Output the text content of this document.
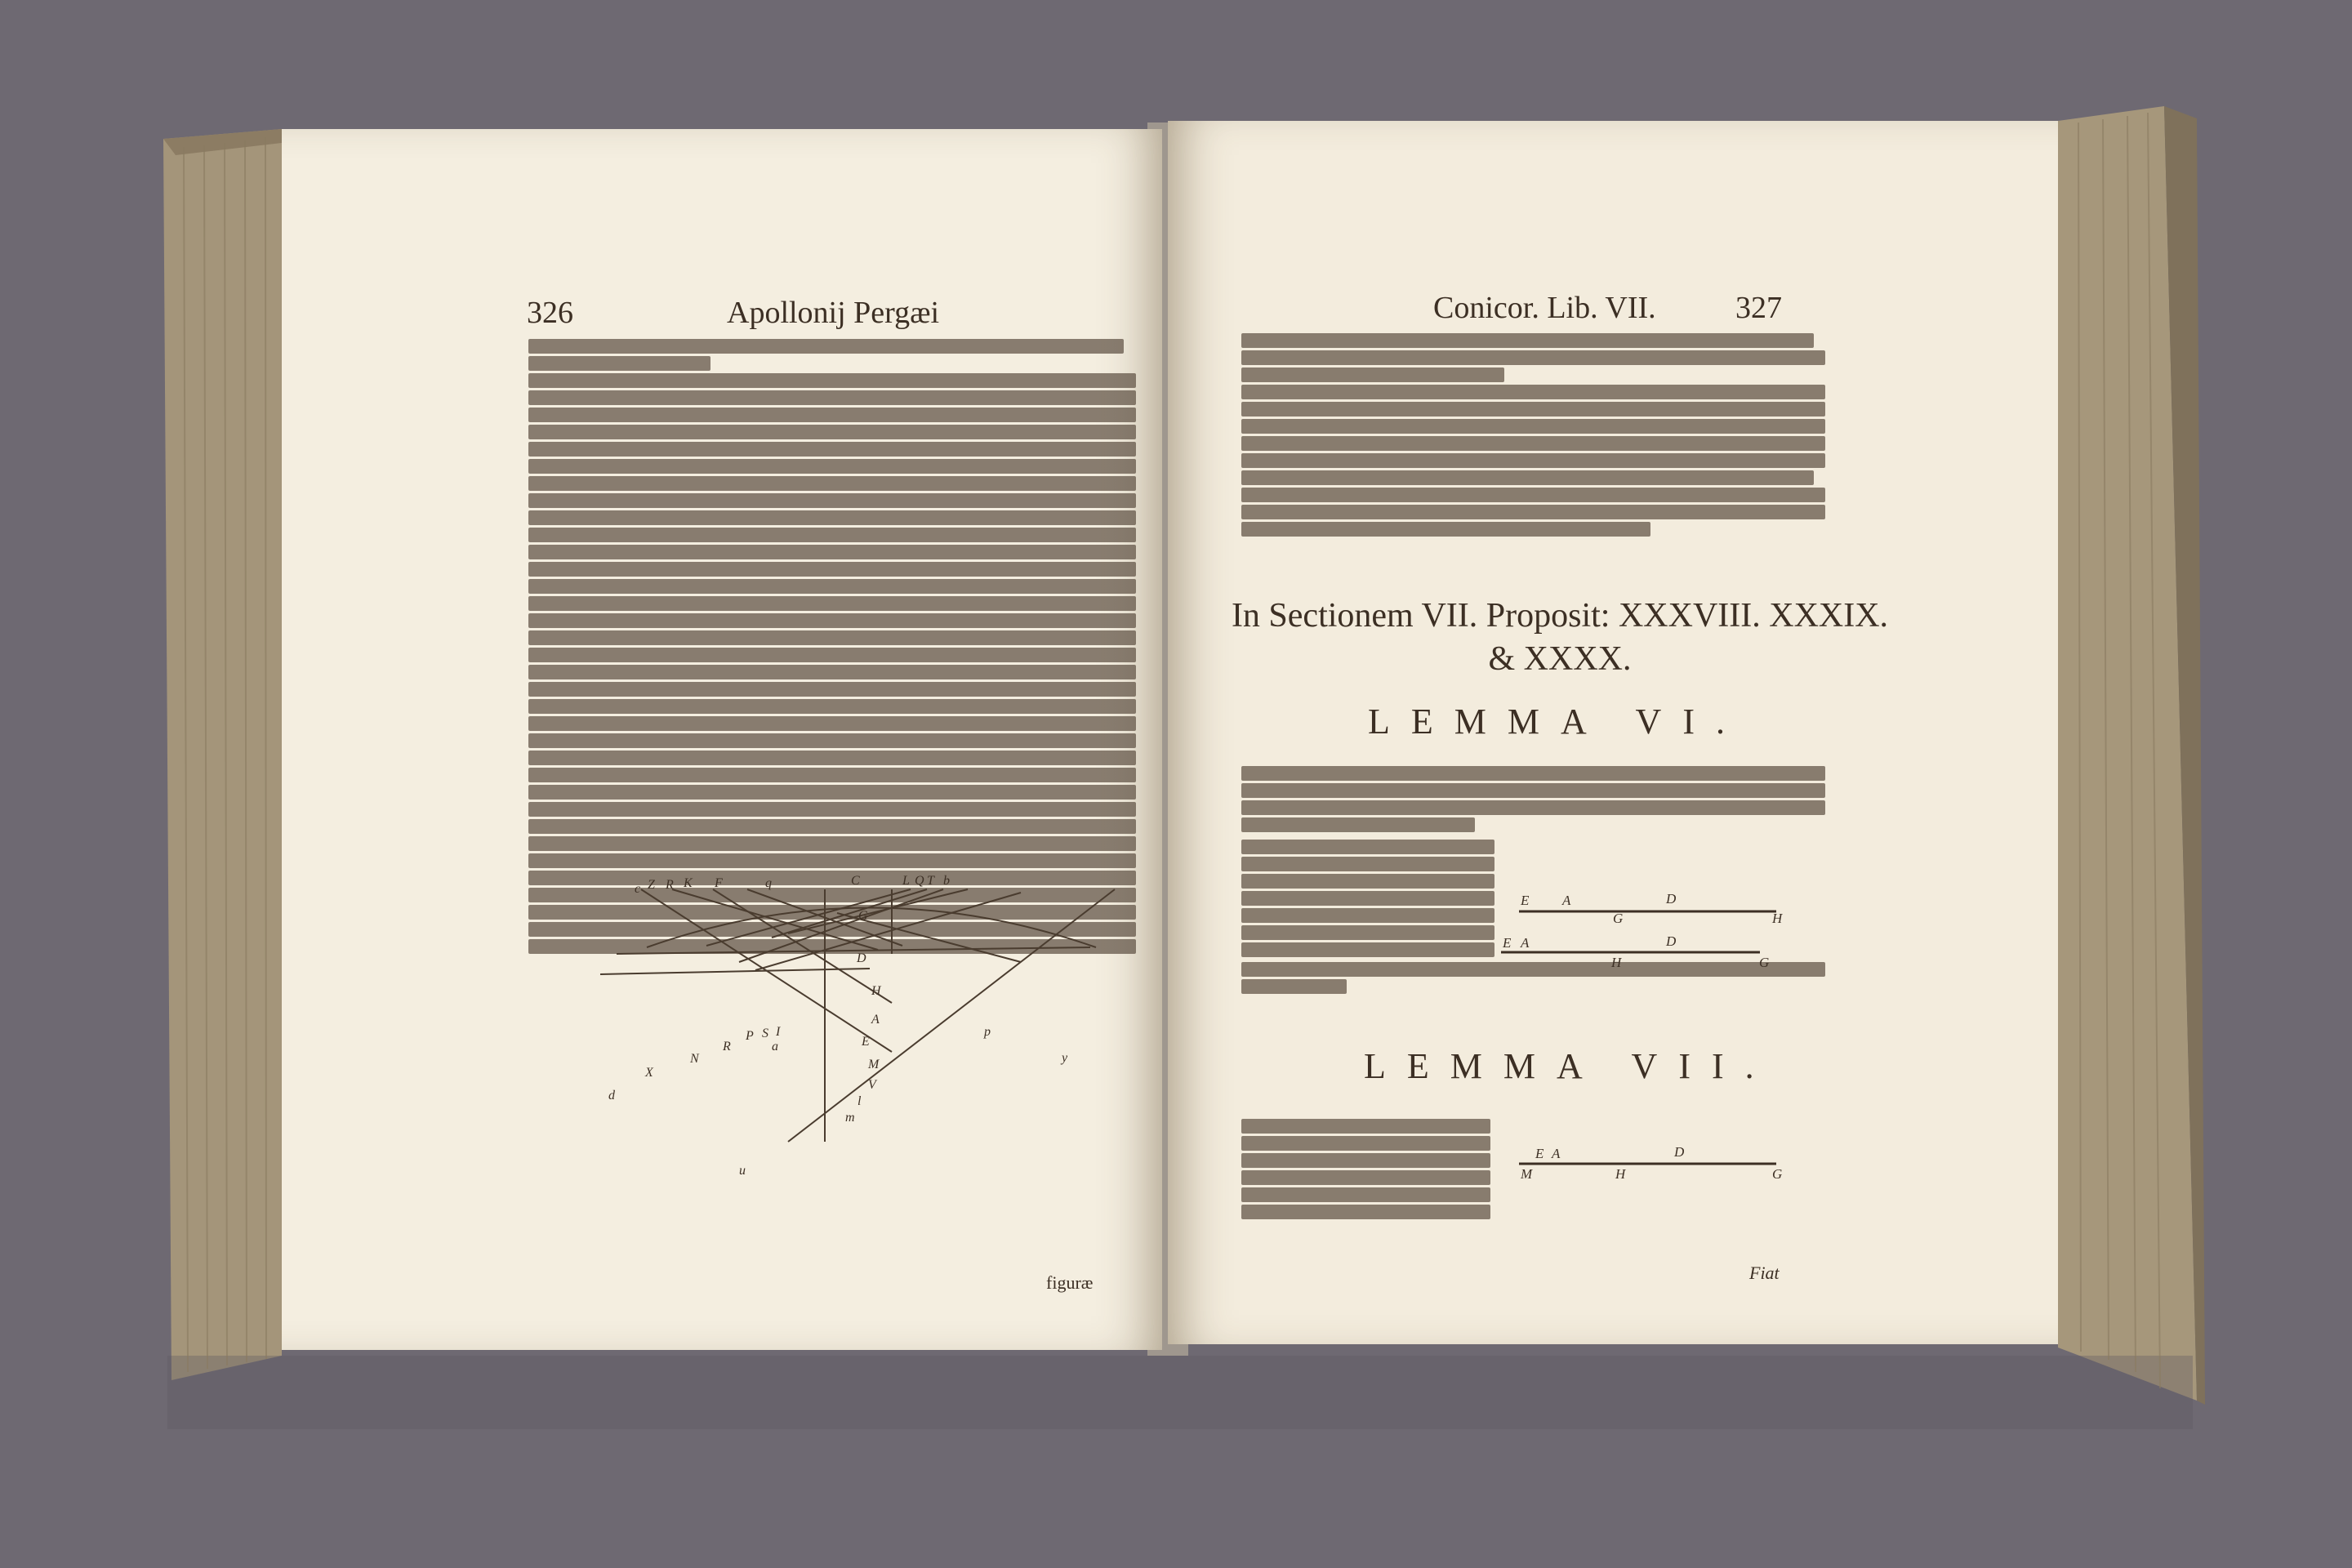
326	Apollonij Pergæi
c Z R K F	q	C	L Q T b
G
D
H
A
E
I
S
P
a
R
N
X
d
M
V
l
m
u
p
y
figuræ
Conicor. Lib. VII.	327
In Sectionem VII. Proposit: XXXVIII. XXXIX. & XXXX.
LEMMA VI.
E A	D
G	H
E A	D
H	G
E A	D
M	H	G
LEMMA VII.
Fiat
